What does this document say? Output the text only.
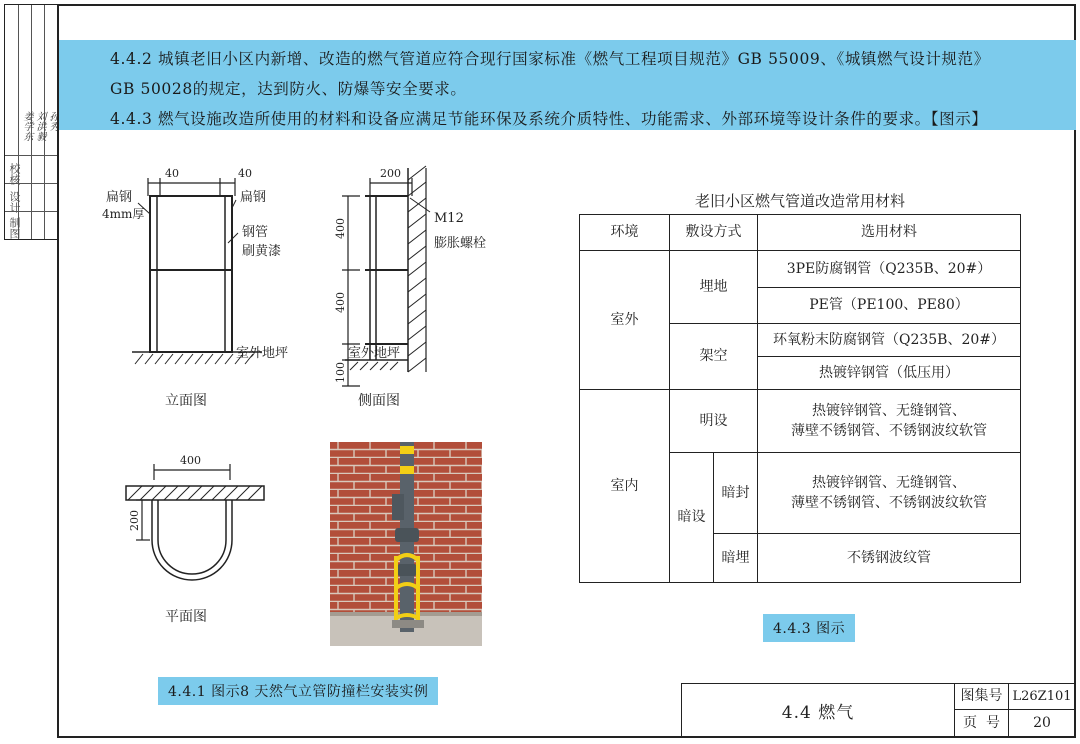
校核
设计
制图
姜学东 刘洪毅 孙秀
4.4.2 城镇老旧小区内新增、改造的燃气管道应符合现行国家标准《燃气工程项目规范》GB 55009、《城镇燃气设计规范》
GB 50028的规定，达到防火、防爆等安全要求。
4.4.3 燃气设施改造所使用的材料和设备应满足节能环保及系统介质特性、功能需求、外部环境等设计条件的要求。【图示】
40	40
扁钢
4mm厚
扁钢
钢管
刷黄漆
室外地坪
立面图
200
400
400
100
M12
膨胀螺栓
室外地坪
侧面图
400
200
平面图
4.4.1 图示8 天然气立管防撞栏安装实例
老旧小区燃气管道改造常用材料
环境	敷设方式		选用材料
室外	埋地		3PE防腐钢管（Q235B、20#）
			PE管（PE100、PE80）
	架空		环氧粉末防腐钢管（Q235B、20#）
			热镀锌钢管（低压用）
室内	明设		热镀锌钢管、无缝钢管、
薄壁不锈钢管、不锈钢波纹软管

	暗设	暗封	热镀锌钢管、无缝钢管、
薄壁不锈钢管、不锈钢波纹软管

		暗埋	不锈钢波纹管
4.4.3 图示
4.4 燃气
图集号 L26Z101
页  号	20
